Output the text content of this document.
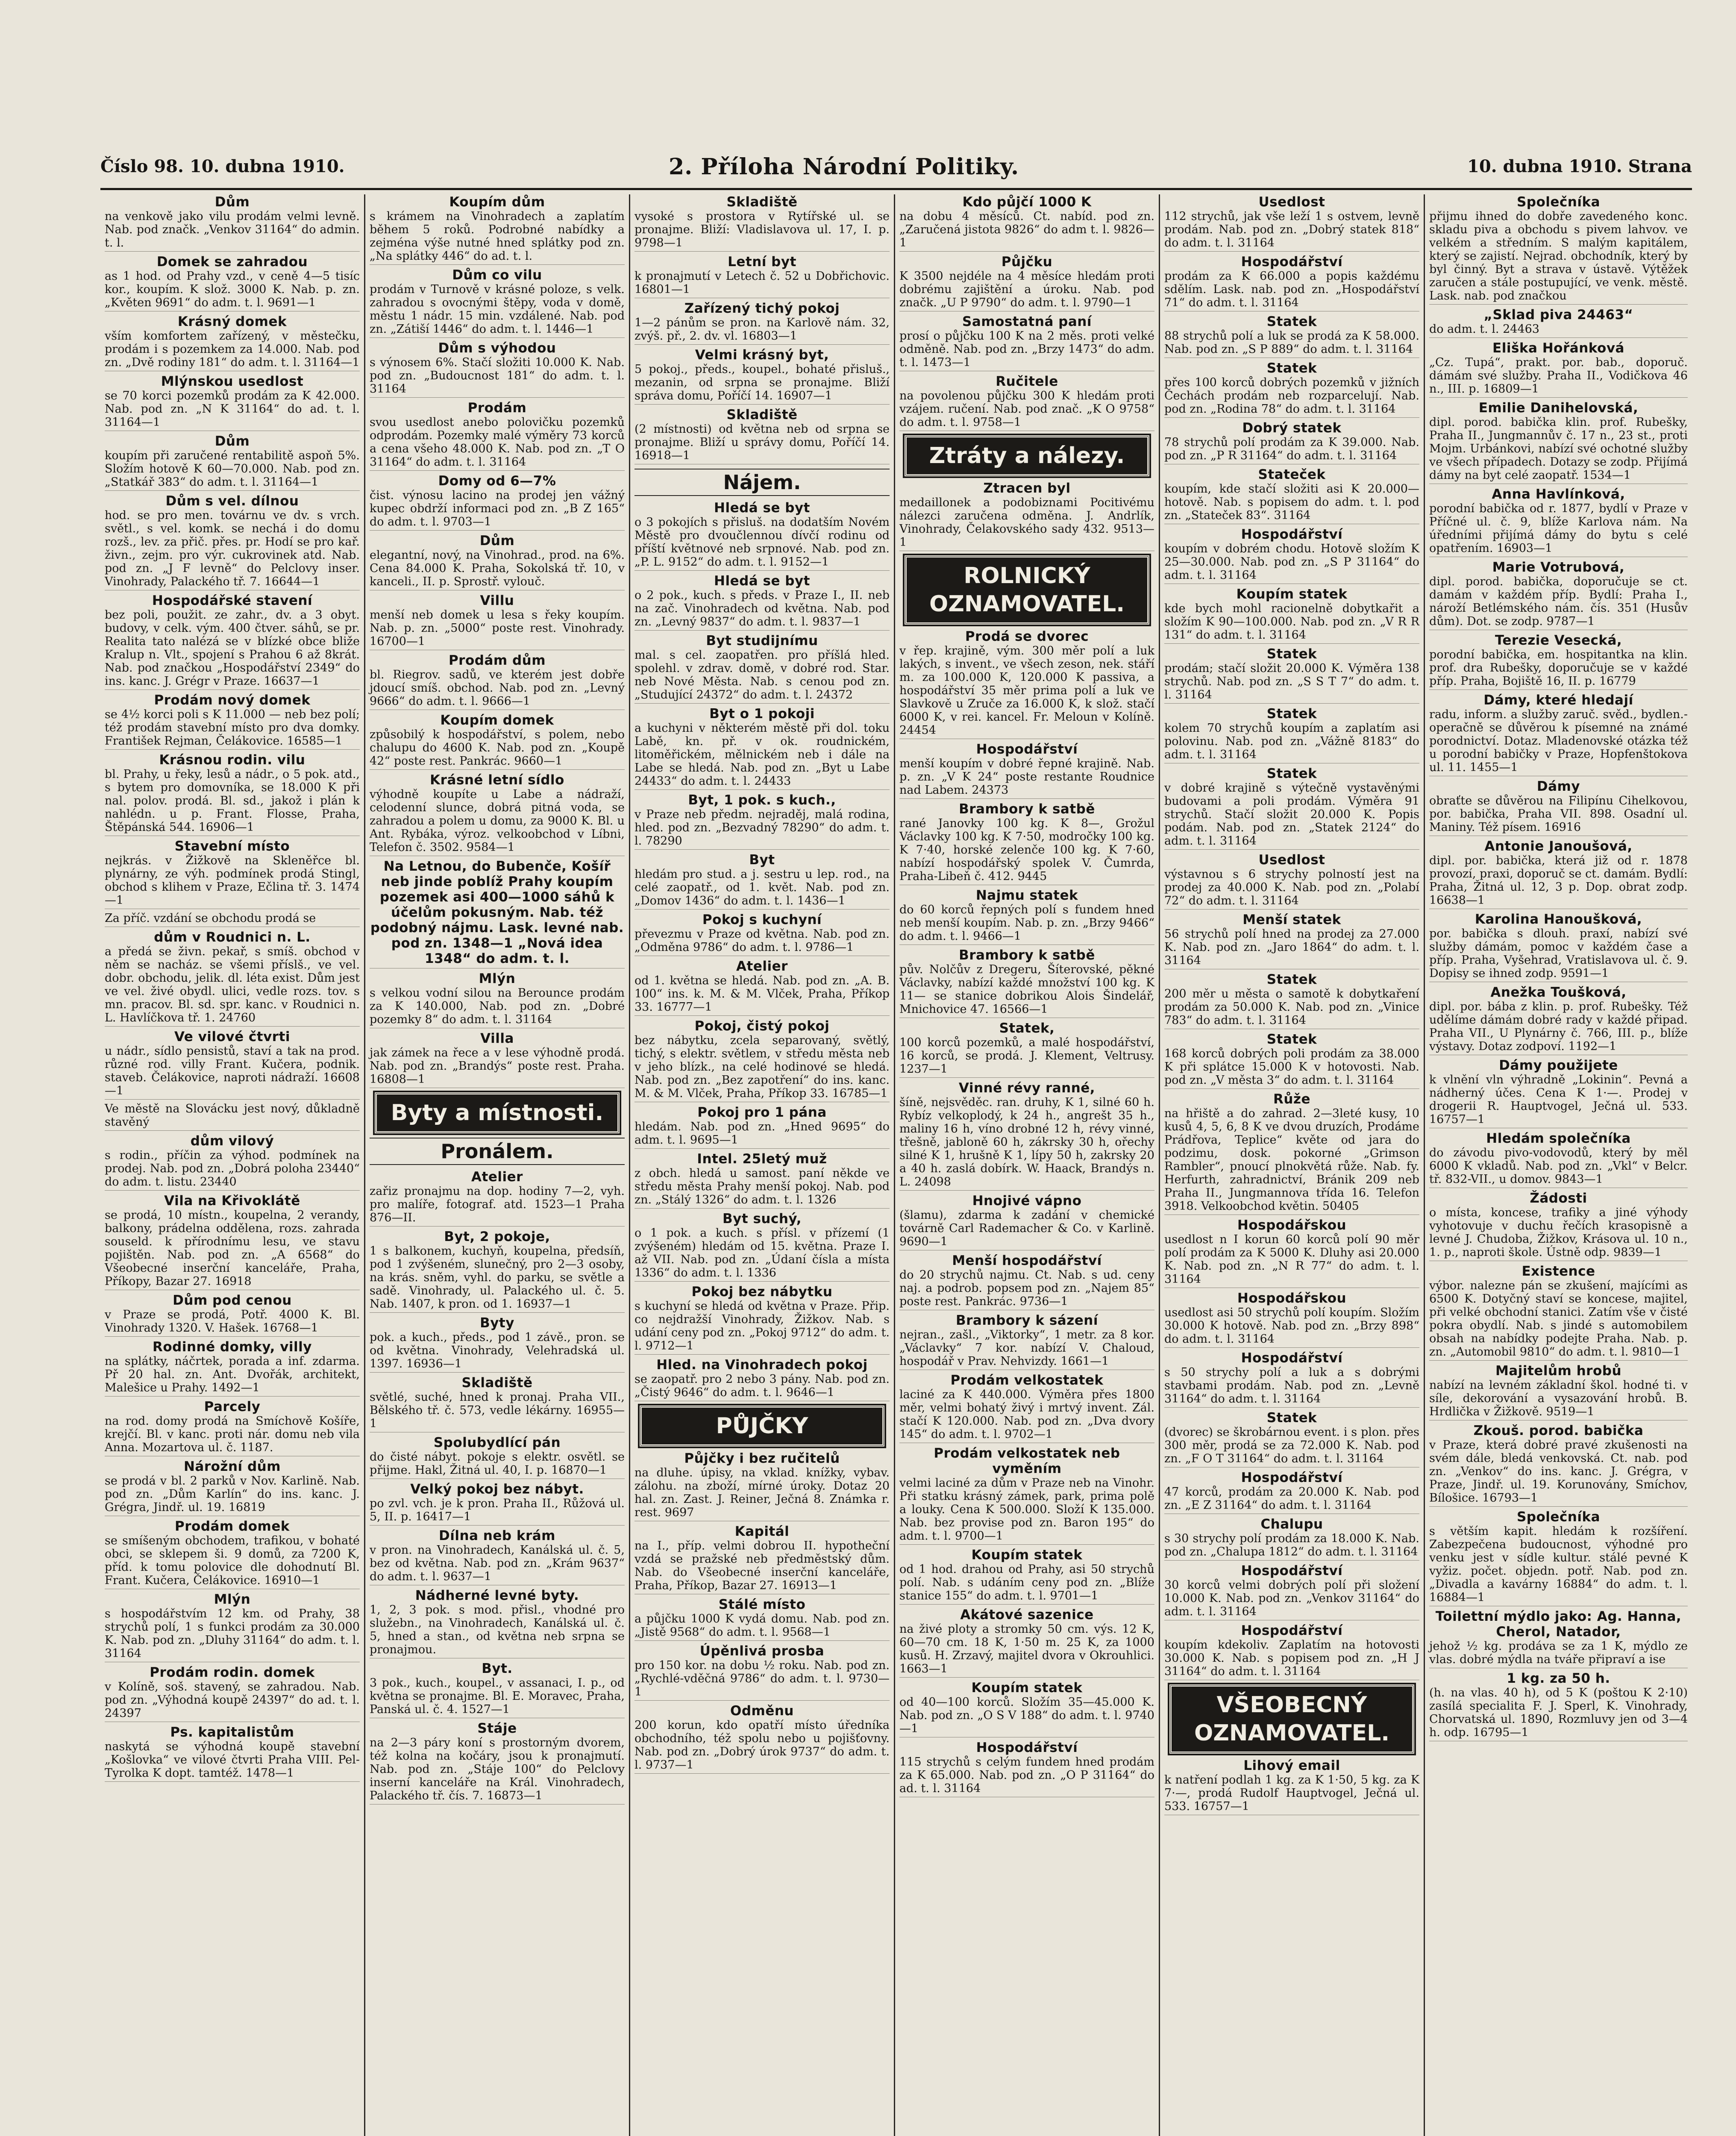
Číslo 98. 10. dubna 1910.	2. Příloha Národní Politiky.	10. dubna 1910. Strana
Dům

na venkově jako vilu prodám velmi levně. Nab. pod značk. „Venkov 31164“ do admin. t. l.

Domek se zahradou

as 1 hod. od Prahy vzd., v ceně 4—5 tisíc kor., koupím. K slož. 3000 K. Nab. p. zn. „Květen 9691“ do adm. t. l. 9691—1

Krásný domek

vším komfortem zařízený, v městečku, prodám i s pozemkem za 14.000. Nab. pod zn. „Dvě rodiny 181“ do adm. t. l. 31164—1

Mlýnskou usedlost

se 70 korci pozemků prodám za K 42.000. Nab. pod zn. „N K 31164“ do ad. t. l. 31164—1

Dům

koupím při zaručené rentabilitě aspoň 5%. Složím hotově K 60—70.000. Nab. pod zn. „Statkář 383“ do adm. t. l. 31164—1

Dům s vel. dílnou

hod. se pro men. továrnu ve dv. s vrch. světl., s vel. komk. se nechá i do domu rozš., lev. za přič. přes. pr. Hodí se pro kař. živn., zejm. pro výr. cukrovinek atd. Nab. pod zn. „J F levně“ do Pelclovy inser. Vinohrady, Palackého tř. 7. 16644—1

Hospodářské stavení

bez poli, použit. ze zahr., dv. a 3 obyt. budovy, v celk. vým. 400 čtver. sáhů, se pr. Realita tato nalézá se v blízké obce bliže Kralup n. Vlt., spojení s Prahou 6 až 8krát. Nab. pod značkou „Hospodářství 2349“ do ins. kanc. J. Grégr v Praze. 16637—1

Prodám nový domek

se 4½ korci poli s K 11.000 — neb bez polí; též prodám stavební místo pro dva domky. František Rejman, Čelákovice. 16585—1

Krásnou rodin. vilu

bl. Prahy, u řeky, lesů a nádr., o 5 pok. atd., s bytem pro domovníka, se 18.000 K při nal. polov. prodá. Bl. sd., jakož i plán k nahlédn. u p. Frant. Flosse, Praha, Štěpánská 544. 16906—1

Stavební místo

nejkrás. v Žižkově na Skleněřce bl. plynárny, ze výh. podmínek prodá Stingl, obchod s klihem v Praze, Ečlina tř. 3. 1474—1

Za příč. vzdání se obchodu prodá se

dům v Roudnici n. L.

a předá se živn. pekař, s smíš. obchod v něm se nacház. se všemi příslš., ve vel. dobr. obchodu, jelik. dl. léta exist. Dům jest ve vel. živé obydl. ulici, vedle rozs. tov. s mn. pracov. Bl. sd. spr. kanc. v Roudnici n. L. Havlíčkova tř. 1. 24760

Ve vilové čtvrti

u nádr., sídlo pensistů, staví a tak na prod. různé rod. villy Frant. Kučera, podnik. staveb. Čelákovice, naproti nádraží. 16608—1

Ve městě na Slovácku jest nový, důkladně stavěný

dům vilový

s rodin., příčin za výhod. podmínek na prodej. Nab. pod zn. „Dobrá poloha 23440“ do adm. t. listu. 23440

Vila na Křivoklátě

se prodá, 10 místn., koupelna, 2 verandy, balkony, prádelna oddělena, rozs. zahrada souseld. k přírodnímu lesu, ve stavu pojištěn. Nab. pod zn. „A 6568“ do Všeobecné inserční kanceláře, Praha, Příkopy, Bazar 27. 16918

Dům pod cenou

v Praze se prodá, Potř. 4000 K. Bl. Vinohrady 1320. V. Hašek. 16768—1

Rodinné domky, villy

na splátky, náčrtek, porada a inf. zdarma. Př 20 hal. zn. Ant. Dvořák, architekt, Malešice u Prahy. 1492—1

Parcely

na rod. domy prodá na Smíchově Košíře, krejčí. Bl. v kanc. proti nár. domu neb vila Anna. Mozartova ul. č. 1187.

Nárožní dům

se prodá v bl. 2 parků v Nov. Karlině. Nab. pod zn. „Dům Karlín“ do ins. kanc. J. Grégra, Jindř. ul. 19. 16819

Prodám domek

se smíšeným obchodem, trafikou, v bohaté obci, se sklepem ši. 9 domů, za 7200 K, příd. k tomu polovice dle dohodnutí Bl. Frant. Kučera, Čelákovice. 16910—1

Mlýn

s hospodářstvím 12 km. od Prahy, 38 strychů polí, 1 s funkci prodám za 30.000 K. Nab. pod zn. „Dluhy 31164“ do adm. t. l. 31164

Prodám rodin. domek

v Kolíně, soš. stavený, se zahradou. Nab. pod zn. „Výhodná koupě 24397“ do ad. t. l. 24397

Ps. kapitalistům

naskytá se výhodná koupě stavební „Košlovka“ ve vilové čtvrti Praha VIII. Pel-Tyrolka K dopt. tamtéž. 1478—1

Koupím dům

s krámem na Vinohradech a zaplatím během 5 roků. Podrobné nabídky a zejména výše nutné hned splátky pod zn. „Na splátky 446“ do ad. t. l.

Dům co vilu

prodám v Turnově v krásné poloze, s velk. zahradou s ovocnými štěpy, voda v domě, městu 1 nádr. 15 min. vzdálené. Nab. pod zn. „Zátiší 1446“ do adm. t. l. 1446—1

Dům s výhodou

s výnosem 6%. Stačí složiti 10.000 K. Nab. pod zn. „Budoucnost 181“ do adm. t. l. 31164

Prodám

svou usedlost anebo polovičku pozemků odprodám. Pozemky malé výměry 73 korců a cena všeho 48.000 K. Nab. pod zn. „T O 31164“ do adm. t. l. 31164

Domy od 6—7%

čist. výnosu lacino na prodej jen vážný kupec obdrží informaci pod zn. „B Z 165“ do adm. t. l. 9703—1

Dům

elegantní, nový, na Vinohrad., prod. na 6%. Cena 84.000 K. Praha, Sokolská tř. 10, v kanceli., II. p. Sprostř. vylouč.

Villu

menší neb domek u lesa s řeky koupím. Nab. p. zn. „5000“ poste rest. Vinohrady. 16700—1

Prodám dům

bl. Riegrov. sadů, ve kterém jest dobře jdoucí smíš. obchod. Nab. pod zn. „Levný 9666“ do adm. t. l. 9666—1

Koupím domek

způsobilý k hospodářství, s polem, nebo chalupu do 4600 K. Nab. pod zn. „Koupě 42“ poste rest. Pankrác. 9660—1

Krásné letní sídlo

výhodně koupíte u Labe a nádraží, celodenní slunce, dobrá pitná voda, se zahradou a polem u domu, za 9000 K. Bl. u Ant. Rybáka, výroz. velkoobchod v Líbni, Telefon č. 3502. 9584—1

Na Letnou, do Bubenče, Košíř neb jinde poblíž Prahy koupím pozemek asi 400—1000 sáhů k účelům pokusným. Nab. též podobný nájmu. Lask. levné nab. pod zn. 1348—1 „Nová idea 1348“ do adm. t. l.
Mlýn

s velkou vodní silou na Berounce prodám za K 140.000, Nab. pod zn. „Dobré pozemky 8“ do adm. t. l. 31164

Villa

jak zámek na řece a v lese výhodně prodá. Nab. pod zn. „Brandýs“ poste rest. Praha. 16808—1

Byty a místnosti.
Pronálem.
Atelier

zařiz pronajmu na dop. hodiny 7—2, vyh. pro malíře, fotograf. atd. 1523—1 Praha 876—II.

Byt, 2 pokoje,

1 s balkonem, kuchyň, koupelna, předsíň, pod 1 zvýšeném, slunečný, pro 2—3 osoby, na krás. sněm, vyhl. do parku, se světle a sadě. Vinohrady, ul. Palackého ul. č. 5. Nab. 1407, k pron. od 1. 16937—1

Byty

pok. a kuch., předs., pod 1 závě., pron. se od května. Vinohrady, Velehradská ul. 1397. 16936—1

Skladiště

světlé, suché, hned k pronaj. Praha VII., Bělského tř. č. 573, vedle lékárny. 16955—1

Spolubydlící pán

do čisté nábyt. pokoje s elektr. osvětl. se přijme. Hakl, Žitná ul. 40, I. p. 16870—1

Velký pokoj bez nábyt.

po zvl. vch. je k pron. Praha II., Růžová ul. 5, II. p. 16417—1

Dílna neb krám

v pron. na Vinohradech, Kanálská ul. č. 5, bez od května. Nab. pod zn. „Krám 9637“ do adm. t. l. 9637—1

Nádherné levné byty.

1, 2, 3 pok. s mod. přisl., vhodné pro služebn., na Vinohradech, Kanálská ul. č. 5, hned a stan., od května neb srpna se pronajmou.

Byt.

3 pok., kuch., koupel., v assanaci, I. p., od května se pronajme. Bl. E. Moravec, Praha, Panská ul. č. 4. 1527—1

Stáje

na 2—3 páry koní s prostorným dvorem, též kolna na kočáry, jsou k pronajmutí. Nab. pod zn. „Stáje 100“ do Pelclovy inserní kanceláře na Král. Vinohradech, Palackého tř. čís. 7. 16873—1

Skladiště

vysoké s prostora v Rytířské ul. se pronajme. Bliží: Vladislavova ul. 17, I. p. 9798—1

Letní byt

k pronajmutí v Letech č. 52 u Dobřichovic. 16801—1

Zařízený tichý pokoj

1—2 pánům se pron. na Karlově nám. 32, zvýš. př., 2. dv. vl. 16803—1

Velmi krásný byt,

5 pokoj., předs., koupel., bohaté přisluš., mezanin, od srpna se pronajme. Bliží správa domu, Poříčí 14. 16907—1

Skladiště

(2 místnosti) od května neb od srpna se pronajme. Bliží u správy domu, Poříčí 14. 16918—1

Nájem.
Hledá se byt

o 3 pokojích s přisluš. na dodatším Novém Městě pro dvoučlennou dívčí rodinu od příští květnové neb srpnové. Nab. pod zn. „P. L. 9152“ do adm. t. l. 9152—1

Hledá se byt

o 2 pok., kuch. s předs. v Praze I., II. neb na zač. Vinohradech od května. Nab. pod zn. „Levný 9837“ do adm. t. l. 9837—1

Byt studijnímu

mal. s cel. zaopatřen. pro příšlá hled. spolehl. v zdrav. domě, v dobré rod. Star. neb Nové Města. Nab. s cenou pod zn. „Studující 24372“ do adm. t. l. 24372

Byt o 1 pokoji

a kuchyni v některém městě při dol. toku Labě, kn. př. v ok. roudnickém, litoměřickém, mělnickém neb i dále na Labe se hledá. Nab. pod zn. „Byt u Labe 24433“ do adm. t. l. 24433

Byt, 1 pok. s kuch.,

v Praze neb předm. nejraděj, malá rodina, hled. pod zn. „Bezvadný 78290“ do adm. t. l. 78290

Byt

hledám pro stud. a j. sestru u lep. rod., na celé zaopatř., od 1. květ. Nab. pod zn. „Domov 1436“ do adm. t. l. 1436—1

Pokoj s kuchyní

převezmu v Praze od května. Nab. pod zn. „Odměna 9786“ do adm. t. l. 9786—1

Atelier

od 1. května se hledá. Nab. pod zn. „A. B. 100“ ins. k. M. & M. Vlček, Praha, Příkop 33. 16777—1

Pokoj, čistý pokoj

bez nábytku, zcela separovaný, světlý, tichý, s elektr. světlem, v středu města neb v jeho blízk., na celé hodinové se hledá. Nab. pod zn. „Bez zapotření“ do ins. kanc. M. & M. Vlček, Praha, Příkop 33. 16785—1

Pokoj pro 1 pána

hledám. Nab. pod zn. „Hned 9695“ do adm. t. l. 9695—1

Intel. 25letý muž

z obch. hledá u samost. paní někde ve středu města Prahy menší pokoj. Nab. pod zn. „Stálý 1326“ do adm. t. l. 1326

Byt suchý,

o 1 pok. a kuch. s přísl. v přízemí (1 zvýšeném) hledám od 15. května. Praze I. až VII. Nab. pod zn. „Údaní čísla a místa 1336“ do adm. t. l. 1336

Pokoj bez nábytku

s kuchyní se hledá od května v Praze. Přip. co nejdražší Vinohrady, Žižkov. Nab. s udání ceny pod zn. „Pokoj 9712“ do adm. t. l. 9712—1

Hled. na Vinohradech pokoj

se zaopatř. pro 2 nebo 3 pány. Nab. pod zn. „Čistý 9646“ do adm. t. l. 9646—1

PŮJČKY
Půjčky i bez ručitelů

na dluhe. úpisy, na vklad. knížky, vybav. zálohu. na zboží, mírné úroky. Dotaz 20 hal. zn. Zast. J. Reiner, Ječná 8. Známka r. rest. 9697

Kapitál

na I., příp. velmi dobrou II. hypotheční vzdá se pražské neb předměstský dům. Nab. do Všeobecné inserční kanceláře, Praha, Příkop, Bazar 27. 16913—1

Stálé místo

a půjčku 1000 K vydá domu. Nab. pod zn. „Jistě 9568“ do adm. t. l. 9568—1

Úpěnlivá prosba

pro 150 kor. na dobu ½ roku. Nab. pod zn. „Rychlé-vděčná 9786“ do adm. t. l. 9730—1

Odměnu

200 korun, kdo opatří místo úředníka obchodního, též spolu nebo u pojišťovny. Nab. pod zn. „Dobrý úrok 9737“ do adm. t. l. 9737—1

Kdo půjčí 1000 K

na dobu 4 měsíců. Ct. nabíd. pod zn. „Zaručená jistota 9826“ do adm t. l. 9826—1

Půjčku

K 3500 nejdéle na 4 měsíce hledám proti dobrému zajištění a úroku. Nab. pod značk. „U P 9790“ do adm. t. l. 9790—1

Samostatná paní

prosí o půjčku 100 K na 2 měs. proti velké odměně. Nab. pod zn. „Brzy 1473“ do adm. t. l. 1473—1

Ručitele

na povolenou půjčku 300 K hledám proti vzájem. ručení. Nab. pod znač. „K O 9758“ do adm. t. l. 9758—1

Ztráty a nálezy.
Ztracen byl

medaillonek a podobiznami Pocitivému nálezci zaručena odměna. J. Andrlík, Vinohrady, Čelakovského sady 432. 9513—1

ROLNICKÝ OZNAMOVATEL.
Prodá se dvorec

v řep. krajině, vým. 300 měr polí a luk lakých, s invent., ve všech zeson, nek. stáří m. za 100.000 K, 120.000 K passiva, a hospodářství 35 měr prima polí a luk ve Slavkově u Zruče za 16.000 K, k slož. stačí 6000 K, v rei. kancel. Fr. Meloun v Kolíně. 24454

Hospodářství

menší koupím v dobré řepné krajině. Nab. p. zn. „V K 24“ poste restante Roudnice nad Labem. 24373

Brambory k satbě

rané Janovky 100 kg. K 8—, Grožul Václavky 100 kg. K 7·50, modročky 100 kg. K 7·40, horské zelenče 100 kg. K 7·60, nabízí hospodářský spolek V. Čumrda, Praha-Libeň č. 412. 9445

Najmu statek

do 60 korců řepných polí s fundem hned neb menší koupím. Nab. p. zn. „Brzy 9466“ do adm. t. l. 9466—1

Brambory k satbě

pův. Nolčův z Dregeru, Šíterovské, pěkné Václavky, nabízí každé množství 100 kg. K 11— se stanice dobrikou Alois Šindelář, Mnichovice 47. 16566—1

Statek,

100 korců pozemků, a malé hospodářství, 16 korců, se prodá. J. Klement, Veltrusy. 1237—1

Vinné révy ranné,

šíně, nejsvěděc. ran. druhy, K 1, silné 60 h. Rybíz velkoplodý, k 24 h., angrešt 35 h., maliny 16 h, víno drobné 12 h, révy vinné, třešně, jabloně 60 h, zákrsky 30 h, ořechy silné K 1, hrušně K 1, lípy 50 h, zakrsky 20 a 40 h. zaslá dobírk. W. Haack, Brandýs n. L. 24098

Hnojivé vápno

(šlamu), zdarma k zadání v chemické továrně Carl Rademacher & Co. v Karlině. 9690—1

Menší hospodářství

do 20 strychů najmu. Ct. Nab. s ud. ceny naj. a podrob. popsem pod zn. „Najem 85“ poste rest. Pankrác. 9736—1

Brambory k sázení

nejran., zašl., „Viktorky“, 1 metr. za 8 kor. „Václavky“ 7 kor. nabízí V. Chaloud, hospodář v Prav. Nehvizdy. 1661—1

Prodám velkostatek

laciné za K 440.000. Výměra přes 1800 měr, velmi bohatý živý i mrtvý invent. Zál. stačí K 120.000. Nab. pod zn. „Dva dvory 145“ do adm. t. l. 9702—1

Prodám velkostatek neb vyměním

velmi laciné za dům v Praze neb na Vinohr. Při statku krásný zámek, park, prima polě a louky. Cena K 500.000. Složí K 135.000. Nab. bez provise pod zn. Baron 195“ do adm. t. l. 9700—1

Koupím statek

od 1 hod. drahou od Prahy, asi 50 strychů polí. Nab. s udáním ceny pod zn. „Blíže stanice 155“ do adm. t. l. 9701—1

Akátové sazenice

na živé ploty a stromky 50 cm. výs. 12 K, 60—70 cm. 18 K, 1·50 m. 25 K, za 1000 kusů. H. Zrzavý, majitel dvora v Okrouhlici. 1663—1

Koupím statek

od 40—100 korců. Složím 35—45.000 K. Nab. pod zn. „O S V 188“ do adm. t. l. 9740—1

Hospodářství

115 strychů s celým fundem hned prodám za K 65.000. Nab. pod zn. „O P 31164“ do ad. t. l. 31164

Usedlost

112 strychů, jak vše leží 1 s ostvem, levně prodám. Nab. pod zn. „Dobrý statek 818“ do adm. t. l. 31164

Hospodářství

prodám za K 66.000 a popis každému sdělím. Lask. nab. pod zn. „Hospodářství 71“ do adm. t. l. 31164

Statek

88 strychů polí a luk se prodá za K 58.000. Nab. pod zn. „S P 889“ do adm. t. l. 31164

Statek

přes 100 korců dobrých pozemků v jižních Čechách prodám neb rozparcelují. Nab. pod zn. „Rodina 78“ do adm. t. l. 31164

Dobrý statek

78 strychů polí prodám za K 39.000. Nab. pod zn. „P R 31164“ do adm. t. l. 31164

Stateček

koupím, kde stačí složiti asi K 20.000— hotově. Nab. s popisem do adm. t. l. pod zn. „Stateček 83“. 31164

Hospodářství

koupím v dobrém chodu. Hotově složím K 25—30.000. Nab. pod zn. „S P 31164“ do adm. t. l. 31164

Koupím statek

kde bych mohl racionelně dobytkařit a složím K 90—100.000. Nab. pod zn. „V R R 131“ do adm. t. l. 31164

Statek

prodám; stačí složit 20.000 K. Výměra 138 strychů. Nab. pod zn. „S S T 7“ do adm. t. l. 31164

Statek

kolem 70 strychů koupím a zaplatím asi polovinu. Nab. pod zn. „Vážně 8183“ do adm. t. l. 31164

Statek

v dobré krajině s výtečně vystavěnými budovami a poli prodám. Výměra 91 strychů. Stačí složit 20.000 K. Popis podám. Nab. pod zn. „Statek 2124“ do adm. t. l. 31164

Usedlost

výstavnou s 6 strychy polností jest na prodej za 40.000 K. Nab. pod zn. „Polabí 72“ do adm. t. l. 31164

Menší statek

56 strychů polí hned na prodej za 27.000 K. Nab. pod zn. „Jaro 1864“ do adm. t. l. 31164

Statek

200 měr u města o samotě k dobytkaření prodám za 50.000 K. Nab. pod zn. „Vinice 783“ do adm. t. l. 31164

Statek

168 korců dobrých poli prodám za 38.000 K při splátce 15.000 K v hotovosti. Nab. pod zn. „V města 3“ do adm. t. l. 31164

Růže

na hřiště a do zahrad. 2—3leté kusy, 10 kusů 4, 5, 6, 8 K ve dvou druzích, Prodáme Prádřova, Teplice“ květe od jara do podzimu, dosk. pokorné „Grimson Rambler“, pnoucí plnokvětá růže. Nab. fy. Herfurth, zahradnictví, Bránik 209 neb Praha II., Jungmannova třída 16. Telefon 3918. Velkoobchod květin. 50405

Hospodářskou

usedlost n I korun 60 korců polí 90 měr polí prodám za K 5000 K. Dluhy asi 20.000 K. Nab. pod zn. „N R 77“ do adm. t. l. 31164

Hospodářskou

usedlost asi 50 strychů polí koupím. Složím 30.000 K hotově. Nab. pod zn. „Brzy 898“ do adm. t. l. 31164

Hospodářství

s 50 strychy polí a luk a s dobrými stavbami prodám. Nab. pod zn. „Levně 31164“ do adm. t. l. 31164

Statek

(dvorec) se škrobárnou event. i s plon. přes 300 měr, prodá se za 72.000 K. Nab. pod zn. „F O T 31164“ do adm. t. l. 31164

Hospodářství

47 korců, prodám za 20.000 K. Nab. pod zn. „E Z 31164“ do adm. t. l. 31164

Chalupu

s 30 strychy polí prodám za 18.000 K. Nab. pod zn. „Chalupa 1812“ do adm. t. l. 31164

Hospodářství

30 korců velmi dobrých polí při složení 10.000 K. Nab. pod zn. „Venkov 31164“ do adm. t. l. 31164

Hospodářství

koupím kdekoliv. Zaplatím na hotovosti 30.000 K. Nab. s popisem pod zn. „H J 31164“ do adm. t. l. 31164

VŠEOBECNÝ OZNAMOVATEL.
Lihový email

k natření podlah 1 kg. za K 1·50, 5 kg. za K 7·—, prodá Rudolf Hauptvogel, Ječná ul. 533. 16757—1

Společníka

přijmu ihned do dobře zavedeného konc. skladu piva a obchodu s pivem lahvov. ve velkém a středním. S malým kapitálem, který se zajistí. Nejrad. obchodník, který by byl činný. Byt a strava v ústavě. Výtěžek zaručen a stále postupující, ve venk. městě. Lask. nab. pod značkou

„Sklad piva 24463“

do adm. t. l. 24463

Eliška Hořánková

„Cz. Tupá“, prakt. por. bab., doporuč. dámám své služby. Praha II., Vodičkova 46 n., III. p. 16809—1

Emilie Danihelovská,

dipl. porod. babička klin. prof. Rubešky, Praha II., Jungmannův č. 17 n., 23 st., proti Mojm. Urbánkovi, nabízí své ochotné služby ve všech případech. Dotazy se zodp. Přijímá dámy na byt celé zaopatř. 1534—1

Anna Havlínková,

porodní babička od r. 1877, bydlí v Praze v Příčné ul. č. 9, blíže Karlova nám. Na úředními přijímá dámy do bytu s celé opatřením. 16903—1

Marie Votrubová,

dipl. porod. babička, doporučuje se ct. damám v každém příp. Bydlí: Praha I., nároží Betlémského nám. čís. 351 (Husův dům). Dot. se zodp. 9787—1

Terezie Vesecká,

porodní babička, em. hospitantka na klin. prof. dra Rubešky, doporučuje se v každé příp. Praha, Bojiště 16, II. p. 16779

Dámy, které hledají

radu, inform. a služby zaruč. svěd., bydlen.-operačně se důvěrou k písemné na známé porodnictví. Dotaz. Mladenovské otázka též u porodní babičky v Praze, Hopfenštokova ul. 11. 1455—1

Dámy

obraťte se důvěrou na Filipínu Cihelkovou, por. babička, Praha VII. 898. Osadní ul. Maniny. Též písem. 16916

Antonie Janoušová,

dipl. por. babička, která již od r. 1878 provozí, praxi, doporuč se ct. damám. Bydlí: Praha, Žitná ul. 12, 3 p. Dop. obrat zodp. 16638—1

Karolina Hanoušková,

por. babička s dlouh. praxí, nabízí své služby dámám, pomoc v každém čase a příp. Praha, Vyšehrad, Vratislavova ul. č. 9. Dopisy se ihned zodp. 9591—1

Anežka Toušková,

dipl. por. bába z klin. p. prof. Rubešky. Též udělíme dámám dobré rady v každé připad. Praha VII., U Plynárny č. 766, III. p., blíže výstavy. Dotaz zodpoví. 1192—1

Dámy použijete

k vlnění vln výhradně „Lokinin“. Pevná a nádherný účes. Cena K 1·—. Prodej v drogerii R. Hauptvogel, Ječná ul. 533. 16757—1

Hledám společníka

do závodu pivo-vodovodů, který by měl 6000 K vkladů. Nab. pod zn. „Vkl“ v Belcr. tř. 832-VII., u domov. 9843—1

Žádosti

o místa, koncese, trafiky a jiné výhody vyhotovuje v duchu řečích krasopisně a levné J. Chudoba, Žižkov, Krásova ul. 10 n., 1. p., naproti škole. Ústně odp. 9839—1

Existence

výbor. nalezne pán se zkušení, majícími as 6500 K. Dotyčný staví se koncese, majitel, při velké obchodní stanici. Zatím vše v čisté pokra obydlí. Nab. s jindé s automobilem obsah na nabídky podejte Praha. Nab. p. zn. „Automobil 9810“ do adm. t. l. 9810—1

Majitelům hrobů

nabízí na levném základní škol. hodné ti. v síle, dekorování a vysazování hrobů. B. Hrdlička v Žižkově. 9519—1

Zkouš. porod. babička

v Praze, která dobré pravé zkušenosti na svém dále, bledá venkovská. Ct. nab. pod zn. „Venkov“ do ins. kanc. J. Grégra, v Praze, Jindř. ul. 19. Korunovány, Smíchov, Bílošice. 16793—1

Společníka

s větším kapit. hledám k rozšíření. Zabezpečena budoucnost, výhodné pro venku jest v sídle kultur. stálé pevné K vyžiz. počet. objedn. potř. Nab. pod zn. „Divadla a kavárny 16884“ do adm. t. l. 16884—1

Toilettní mýdlo jako: Ag. Hanna, Cherol, Natador,

jehož ½ kg. prodáva se za 1 K, mýdlo ze vlas. dobré mýdla na tváře připraví a ise

1 kg. za 50 h.

(h. na vlas. 40 h), od 5 K (poštou K 2·10) zasílá specialita F. J. Sperl, K. Vinohrady, Chorvatská ul. 1890, Rozmluvy jen od 3—4 h. odp. 16795—1
